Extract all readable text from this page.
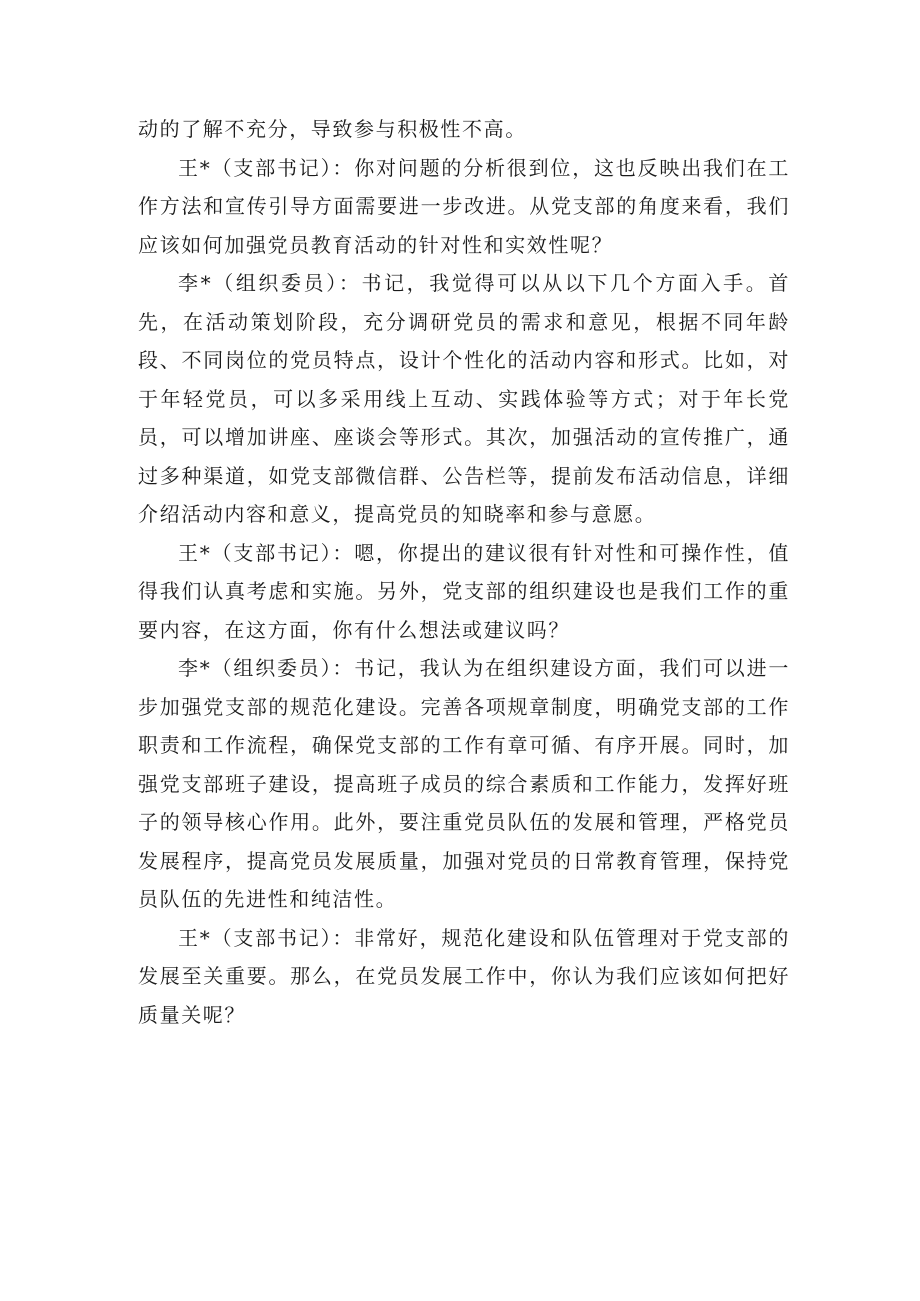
动的了解不充分，导致参与积极性不高。

王*（支部书记）：你对问题的分析很到位，这也反映出我们在工作方法和宣传引导方面需要进一步改进。从党支部的角度来看，我们应该如何加强党员教育活动的针对性和实效性呢？

李*（组织委员）：书记，我觉得可以从以下几个方面入手。首先，在活动策划阶段，充分调研党员的需求和意见，根据不同年龄段、不同岗位的党员特点，设计个性化的活动内容和形式。比如，对于年轻党员，可以多采用线上互动、实践体验等方式；对于年长党员，可以增加讲座、座谈会等形式。其次，加强活动的宣传推广，通过多种渠道，如党支部微信群、公告栏等，提前发布活动信息，详细介绍活动内容和意义，提高党员的知晓率和参与意愿。

王*（支部书记）：嗯，你提出的建议很有针对性和可操作性，值得我们认真考虑和实施。另外，党支部的组织建设也是我们工作的重要内容，在这方面，你有什么想法或建议吗？

李*（组织委员）：书记，我认为在组织建设方面，我们可以进一步加强党支部的规范化建设。完善各项规章制度，明确党支部的工作职责和工作流程，确保党支部的工作有章可循、有序开展。同时，加强党支部班子建设，提高班子成员的综合素质和工作能力，发挥好班子的领导核心作用。此外，要注重党员队伍的发展和管理，严格党员发展程序，提高党员发展质量，加强对党员的日常教育管理，保持党员队伍的先进性和纯洁性。

王*（支部书记）：非常好，规范化建设和队伍管理对于党支部的发展至关重要。那么，在党员发展工作中，你认为我们应该如何把好质量关呢？
